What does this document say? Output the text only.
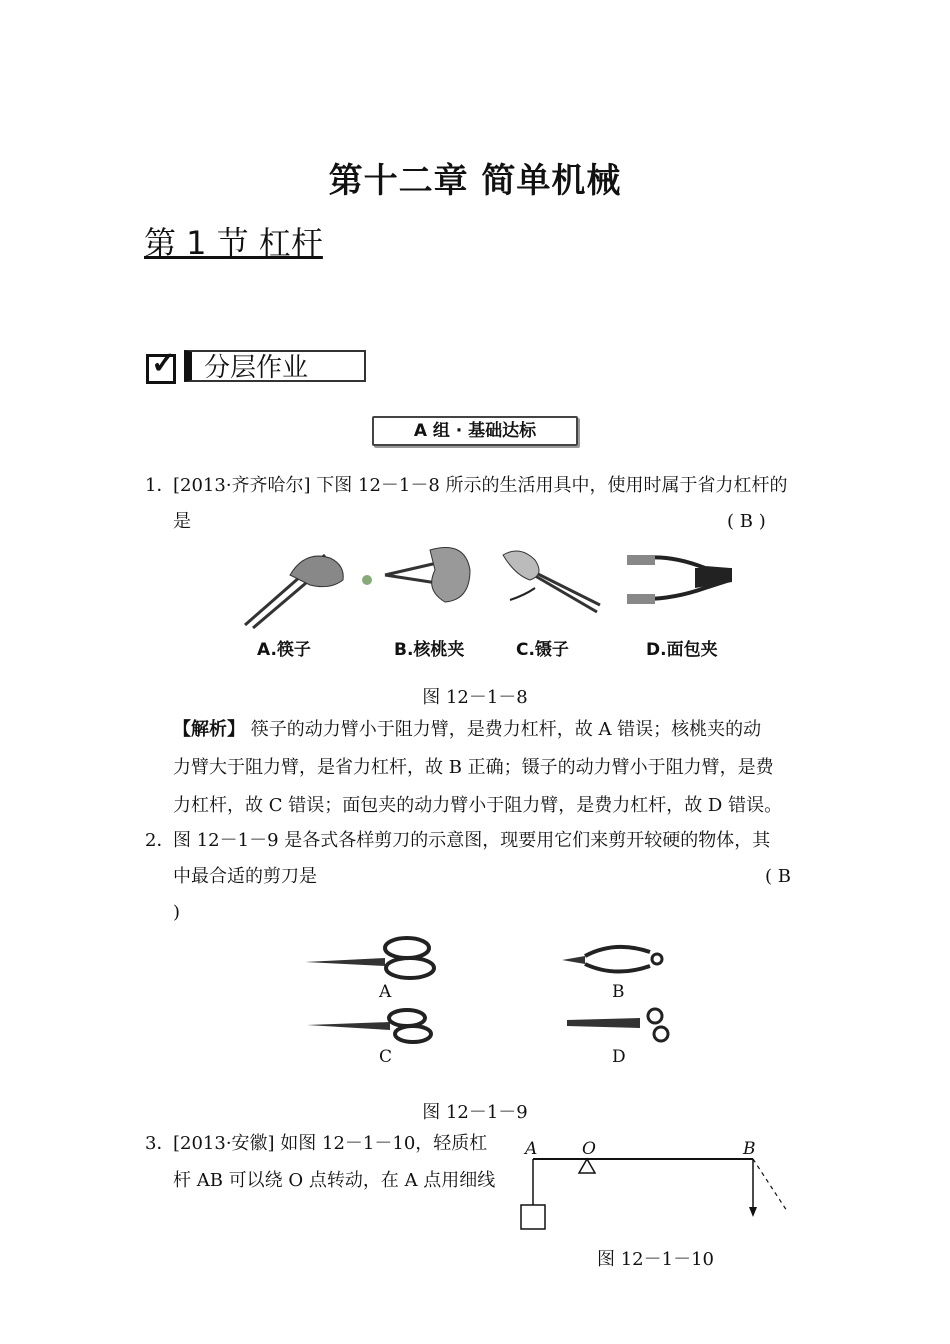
第十二章 简单机械
第 1 节 杠杆
✓	分层作业
A 组 · 基础达标
1．
[2013·齐齐哈尔] 下图 12－1－8 所示的生活用具中，使用时属于省力杠杆的
是	( B )
A.筷子	B.核桃夹	C.镊子	D.面包夹
图 12－1－8
【解析】 筷子的动力臂小于阻力臂，是费力杠杆，故 A 错误；核桃夹的动
力臂大于阻力臂，是省力杠杆，故 B 正确；镊子的动力臂小于阻力臂，是费
力杠杆，故 C 错误；面包夹的动力臂小于阻力臂，是费力杠杆，故 D 错误。
2．
图 12－1－9 是各式各样剪刀的示意图，现要用它们来剪开较硬的物体，其
中最合适的剪刀是	( B
)
A	B
C	D
图 12－1－9
3．
[2013·安徽] 如图 12－1－10，轻质杠
杆 AB 可以绕 O 点转动，在 A 点用细线
A	O	B
图 12－1－10
